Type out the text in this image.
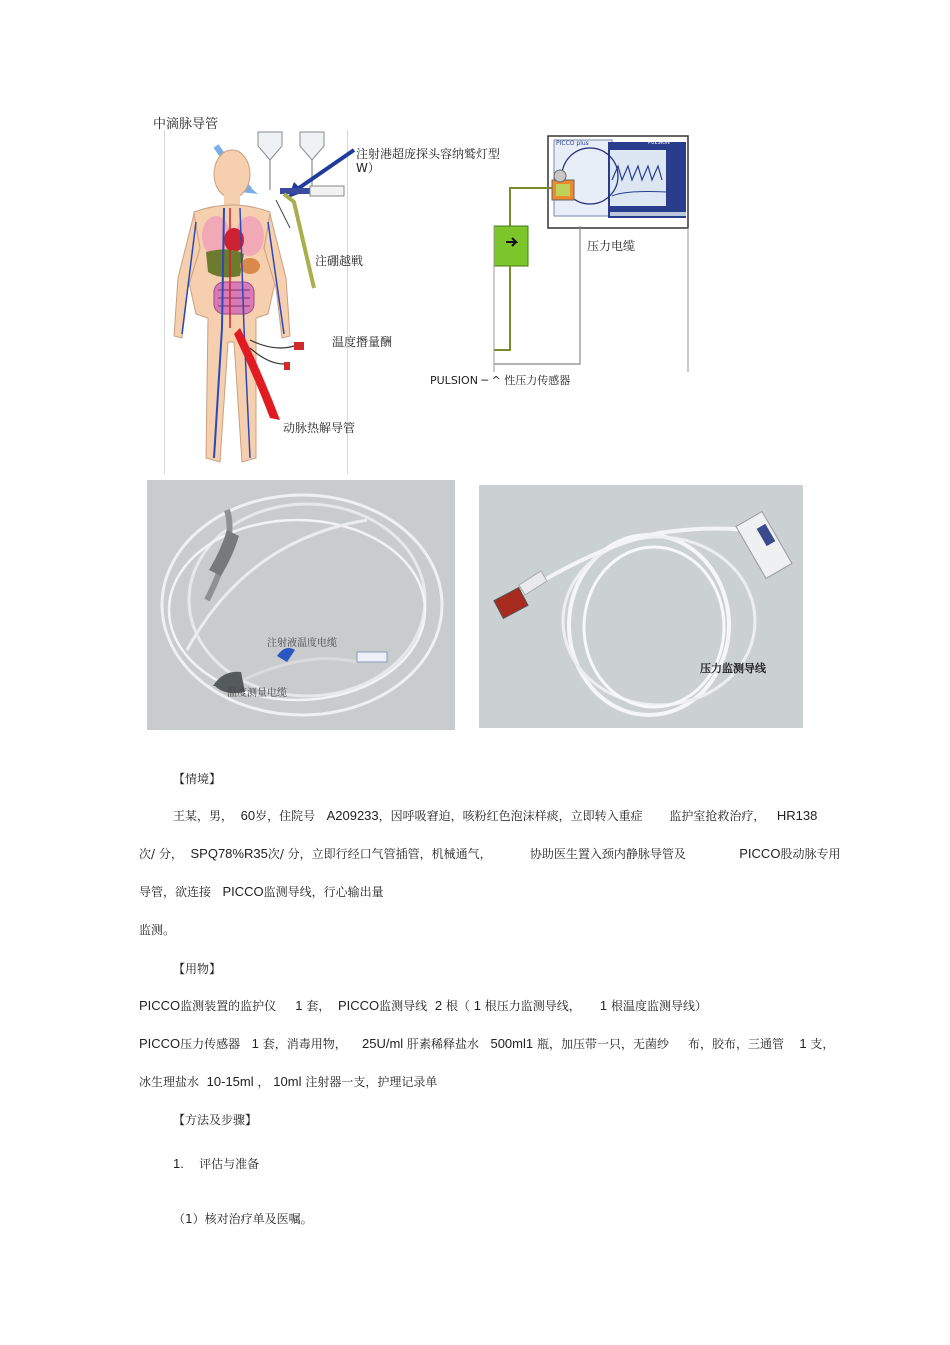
中滴脉导管
注射港超庞探头容纳鹫灯型
W）
注硼越戦
温度撍量酬
动脉热解导管
PICCO plus	PULSION
压力电缆
PULSION ─ ^ 性压力传感器
注射液温度电缆
温度测量电缆
压力监测导线
【情境】
王某，男， 60岁，住院号 A209233，因呼吸窘迫，咳粉红色泡沫样痰，立即转入重症 监护室抢救治疗， HR138
次/ 分， SPQ78%R35次/ 分，立即行经口气管插管，机械通气，	协助医生置入颈内静脉导管及	PICCO股动脉专用
导管，欲连接 PICCO监测导线，行心输出量
监测。
【用物】
PICCO监测装置的监护仪 1 套， PICCO监测导线 2 根（ 1 根压力监测导线， 1 根温度监测导线）
PICCO压力传感器 1 套，消毒用物， 25U/ml 肝素稀释盐水 500ml1 瓶，加压带一只，无菌纱 布，胶布，三通管 1 支，
冰生理盐水 10-15ml ， 10ml 注射器一支，护理记录单
【方法及步骤】
1. 评估与准备
（1）核对治疗单及医嘱。
